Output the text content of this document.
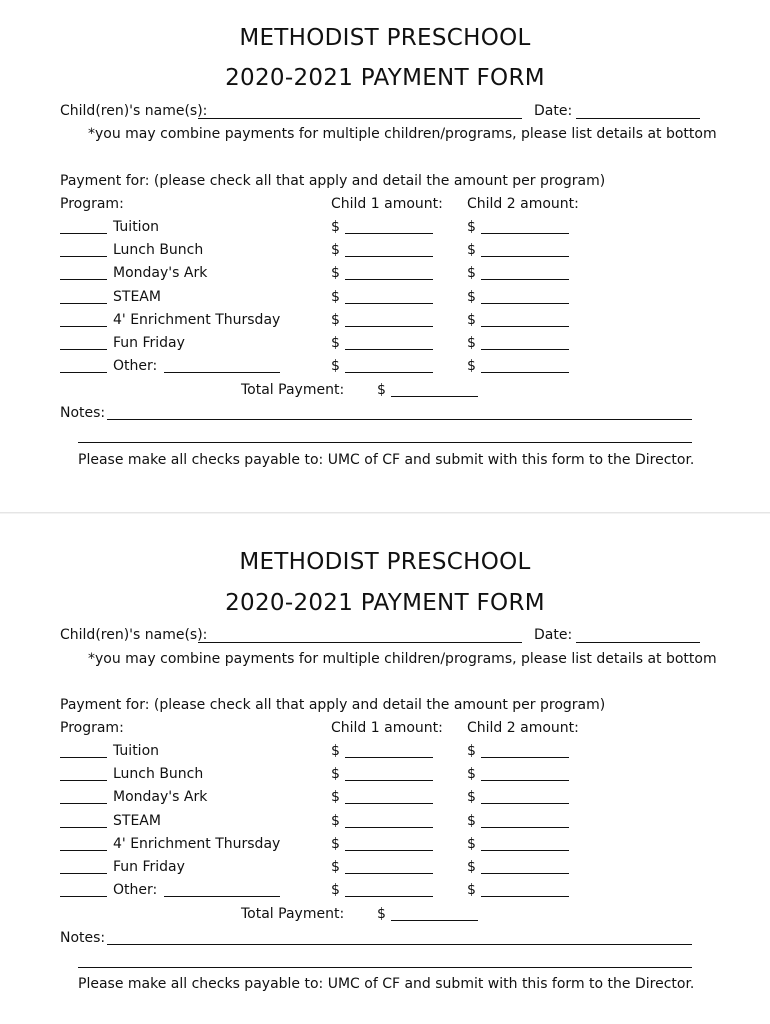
METHODIST PRESCHOOL
2020-2021 PAYMENT FORM
Child(ren)'s name(s):	Date:
*you may combine payments for multiple children/programs, please list details at bottom
Payment for: (please check all that apply and detail the amount per program)
Program:	Child 1 amount: Child 2 amount:
Tuition	$	$
Lunch Bunch	$	$
Monday's Ark	$	$
STEAM	$	$
4' Enrichment Thursday	$	$
Fun Friday	$	$
Other:	$	$
Total Payment: $
Notes:
Please make all checks payable to: UMC of CF and submit with this form to the Director.
METHODIST PRESCHOOL
2020-2021 PAYMENT FORM
Child(ren)'s name(s):	Date:
*you may combine payments for multiple children/programs, please list details at bottom
Payment for: (please check all that apply and detail the amount per program)
Program:	Child 1 amount: Child 2 amount:
Tuition	$	$
Lunch Bunch	$	$
Monday's Ark	$	$
STEAM	$	$
4' Enrichment Thursday	$	$
Fun Friday	$	$
Other:	$	$
Total Payment: $
Notes:
Please make all checks payable to: UMC of CF and submit with this form to the Director.
